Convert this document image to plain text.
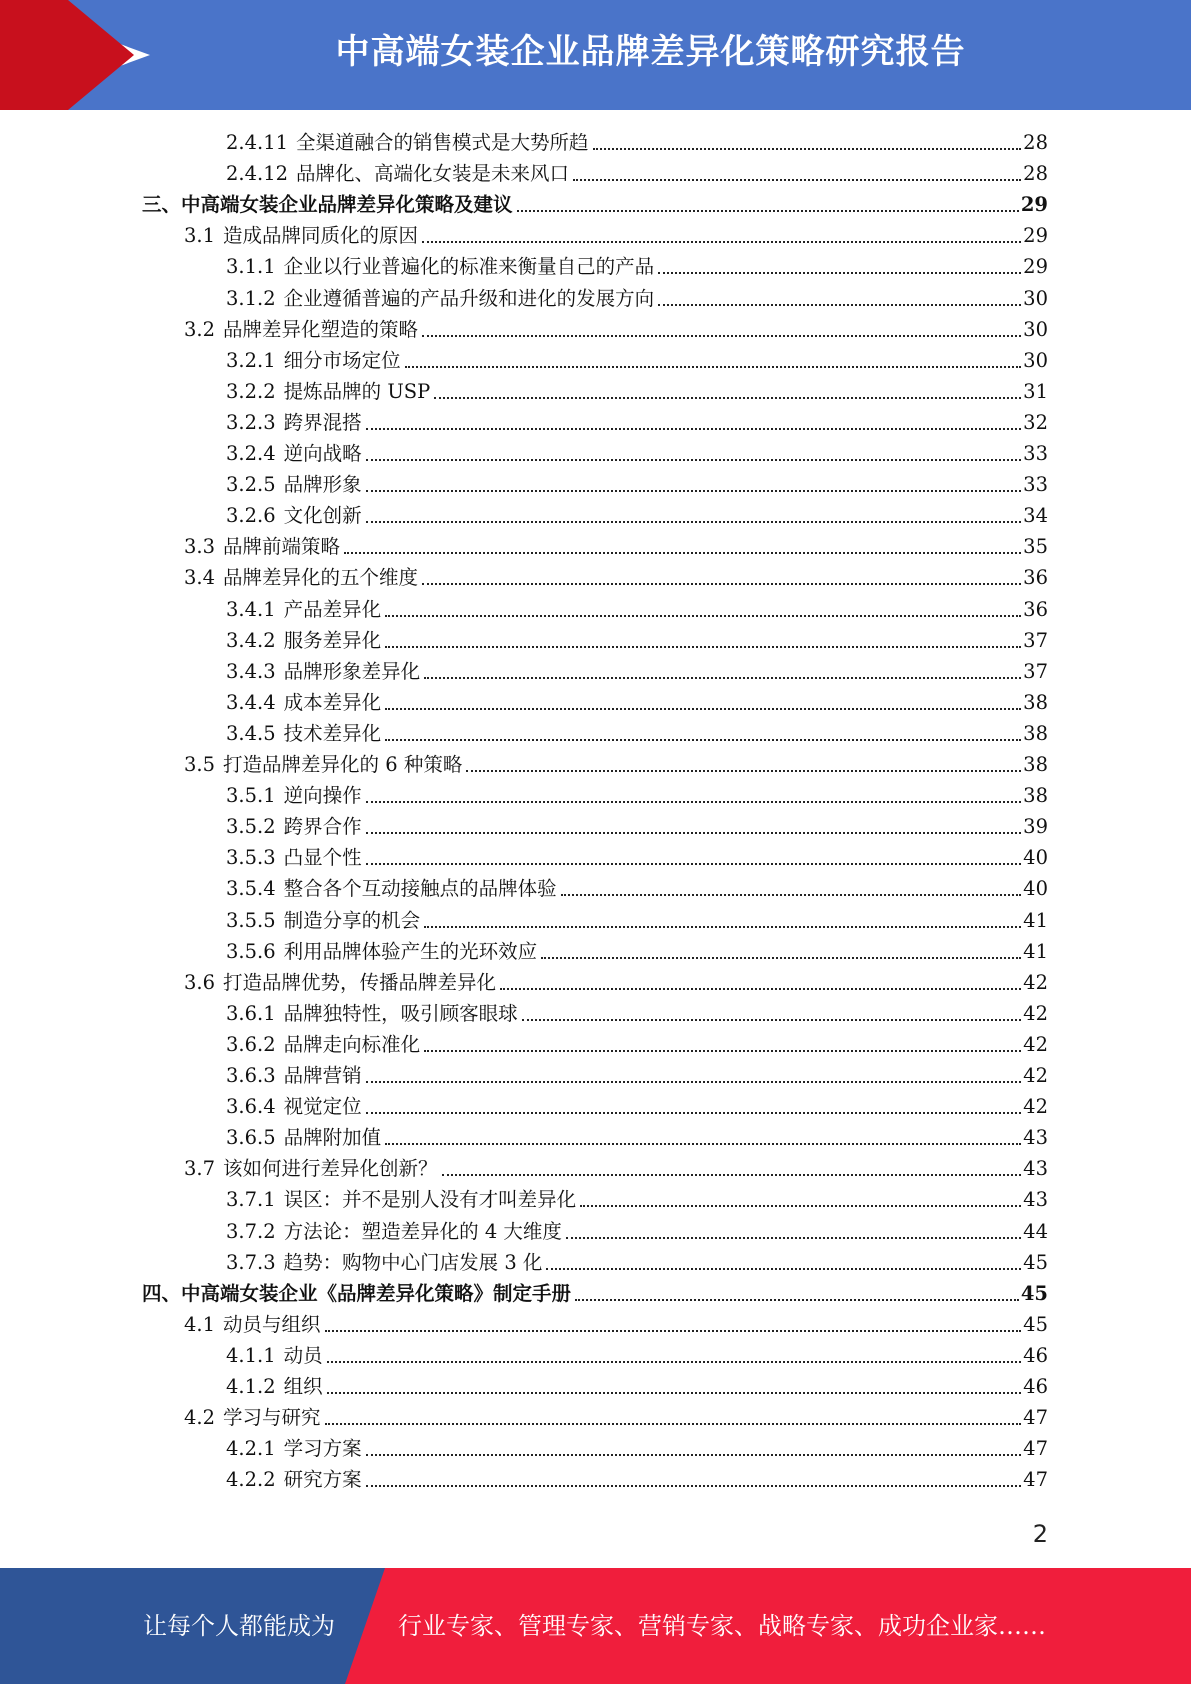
中高端女装企业品牌差异化策略研究报告
2.4.11 全渠道融合的销售模式是大势所趋	28
2.4.12 品牌化、高端化女装是未来风口	28
三、中高端女装企业品牌差异化策略及建议	29
3.1 造成品牌同质化的原因	29
3.1.1 企业以行业普遍化的标准来衡量自己的产品	29
3.1.2 企业遵循普遍的产品升级和进化的发展方向	30
3.2 品牌差异化塑造的策略	30
3.2.1 细分市场定位	30
3.2.2 提炼品牌的 USP	31
3.2.3 跨界混搭	32
3.2.4 逆向战略	33
3.2.5 品牌形象	33
3.2.6 文化创新	34
3.3 品牌前端策略	35
3.4 品牌差异化的五个维度	36
3.4.1 产品差异化	36
3.4.2 服务差异化	37
3.4.3 品牌形象差异化	37
3.4.4 成本差异化	38
3.4.5 技术差异化	38
3.5 打造品牌差异化的 6 种策略	38
3.5.1 逆向操作	38
3.5.2 跨界合作	39
3.5.3 凸显个性	40
3.5.4 整合各个互动接触点的品牌体验	40
3.5.5 制造分享的机会	41
3.5.6 利用品牌体验产生的光环效应	41
3.6 打造品牌优势，传播品牌差异化	42
3.6.1 品牌独特性，吸引顾客眼球	42
3.6.2 品牌走向标准化	42
3.6.3 品牌营销	42
3.6.4 视觉定位	42
3.6.5 品牌附加值	43
3.7 该如何进行差异化创新？	43
3.7.1 误区：并不是别人没有才叫差异化	43
3.7.2 方法论：塑造差异化的 4 大维度	44
3.7.3 趋势：购物中心门店发展 3 化	45
四、中高端女装企业《品牌差异化策略》制定手册	45
4.1 动员与组织	45
4.1.1 动员	46
4.1.2 组织	46
4.2 学习与研究	47
4.2.1 学习方案	47
4.2.2 研究方案	47
2
让每个人都能成为	行业专家、管理专家、营销专家、战略专家、成功企业家……
